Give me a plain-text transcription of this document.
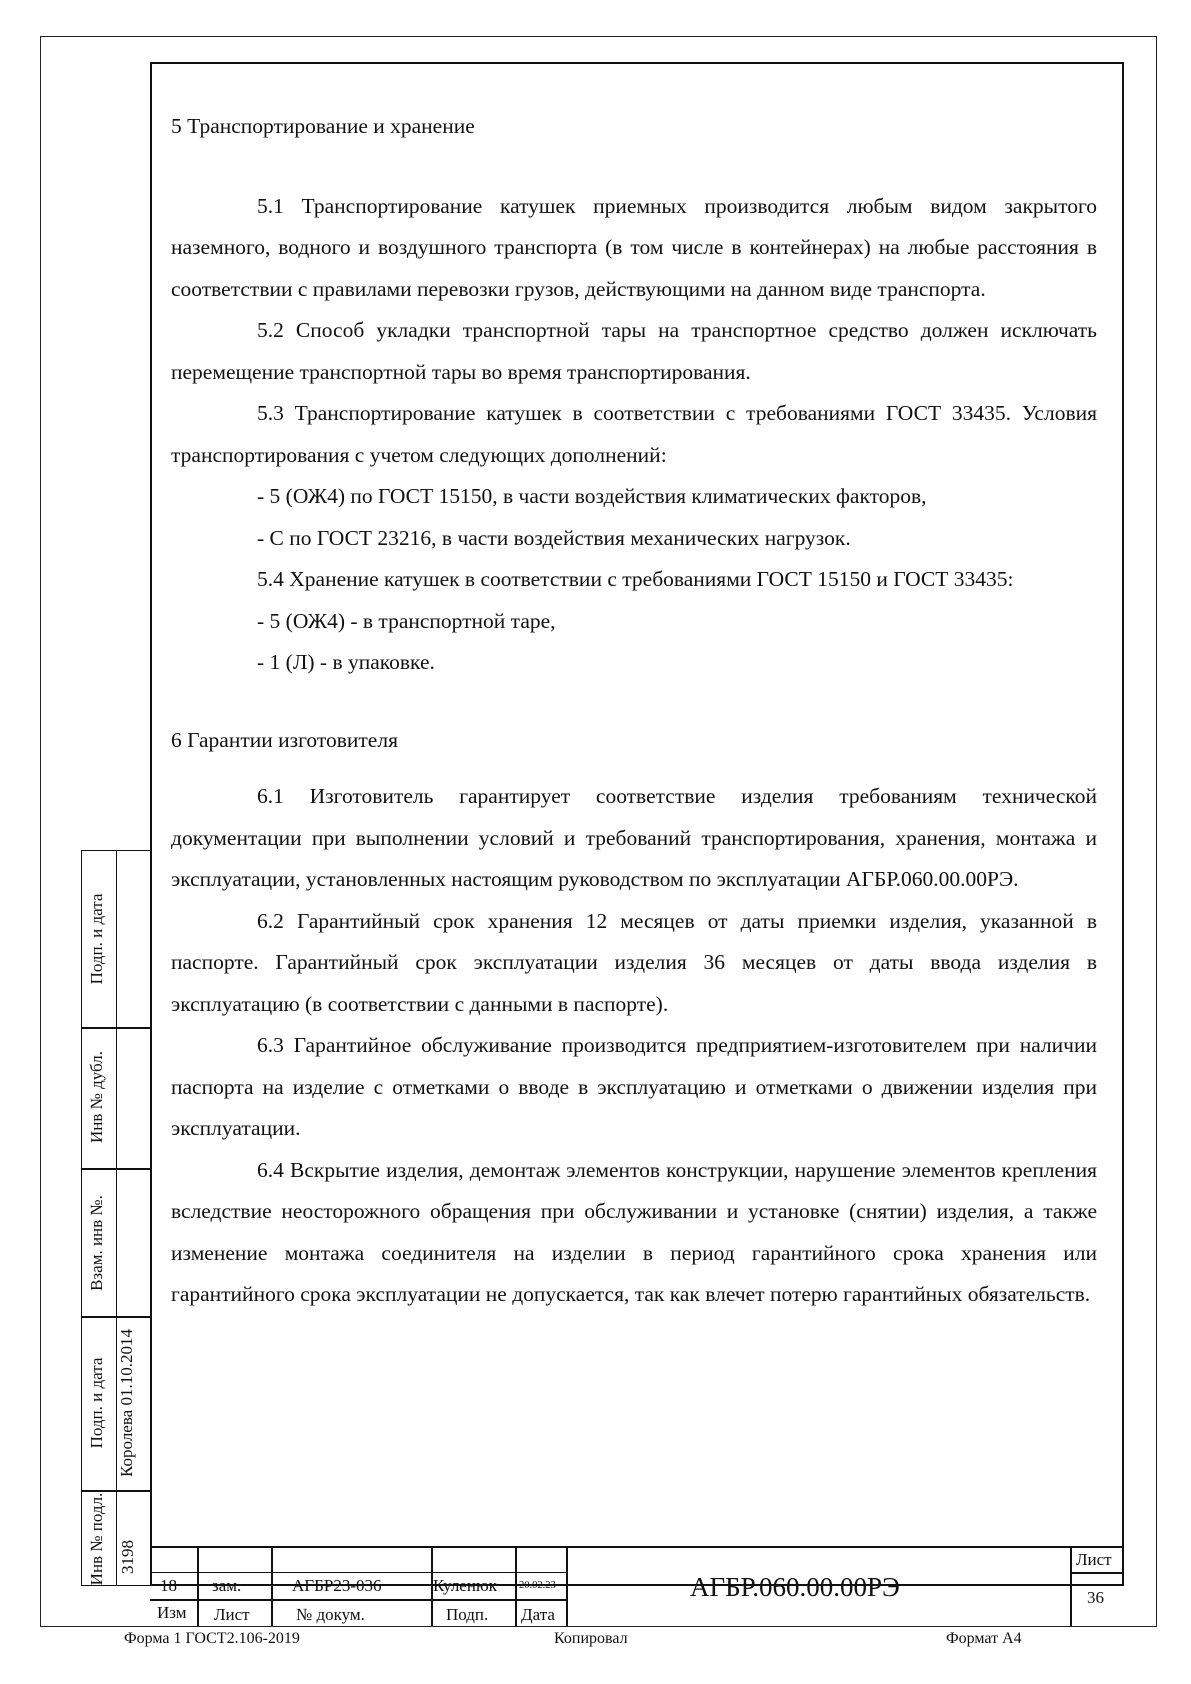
5 Транспортирование и хранение

5.1 Транспортирование катушек приемных производится любым видом закрытого наземного, водного и воздушного транспорта (в том числе в контейнерах) на любые расстояния в соответствии с правилами перевозки грузов, действующими на данном виде транспорта.

5.2 Способ укладки транспортной тары на транспортное средство должен исключать перемещение транспортной тары во время транспортирования.

5.3 Транспортирование катушек в соответствии с требованиями ГОСТ 33435. Условия транспортирования с учетом следующих дополнений:

- 5 (ОЖ4) по ГОСТ 15150, в части воздействия климатических факторов,

- С по ГОСТ 23216, в части воздействия механических нагрузок.

5.4 Хранение катушек в соответствии с требованиями ГОСТ 15150 и ГОСТ 33435:

- 5 (ОЖ4) - в транспортной таре,

- 1 (Л) - в упаковке.

6 Гарантии изготовителя

6.1 Изготовитель гарантирует соответствие изделия требованиям технической документации при выполнении условий и требований транспортирования, хранения, монтажа и эксплуатации, установленных настоящим руководством по эксплуатации АГБР.060.00.00РЭ.

6.2 Гарантийный срок хранения 12 месяцев от даты приемки изделия, указанной в паспорте. Гарантийный срок эксплуатации изделия 36 месяцев от даты ввода изделия в эксплуатацию (в соответствии с данными в паспорте).

6.3 Гарантийное обслуживание производится предприятием-изготовителем при наличии паспорта на изделие с отметками о вводе в эксплуатацию и отметками о движении изделия при эксплуатации.

6.4 Вскрытие изделия, демонтаж элементов конструкции, нарушение элементов крепления вследствие неосторожного обращения при обслуживании и установке (снятии) изделия, а также изменение монтажа соединителя на изделии в период гарантийного срока хранения или гарантийного срока эксплуатации не допускается, так как влечет потерю гарантийных обязательств.

Подп. и дата
Инв № дубл.
Взам. инв №.
Подп. и дата Королева 01.10.2014
Инв № подл. 3198
18 зам.	АГБР23-036	Куленюк 20.02.23
Изм Лист	№ докум.	Подп. Дата
АГБР.060.00.00РЭ
Лист
36
Форма 1 ГОСТ2.106-2019	Копировал	Формат А4
